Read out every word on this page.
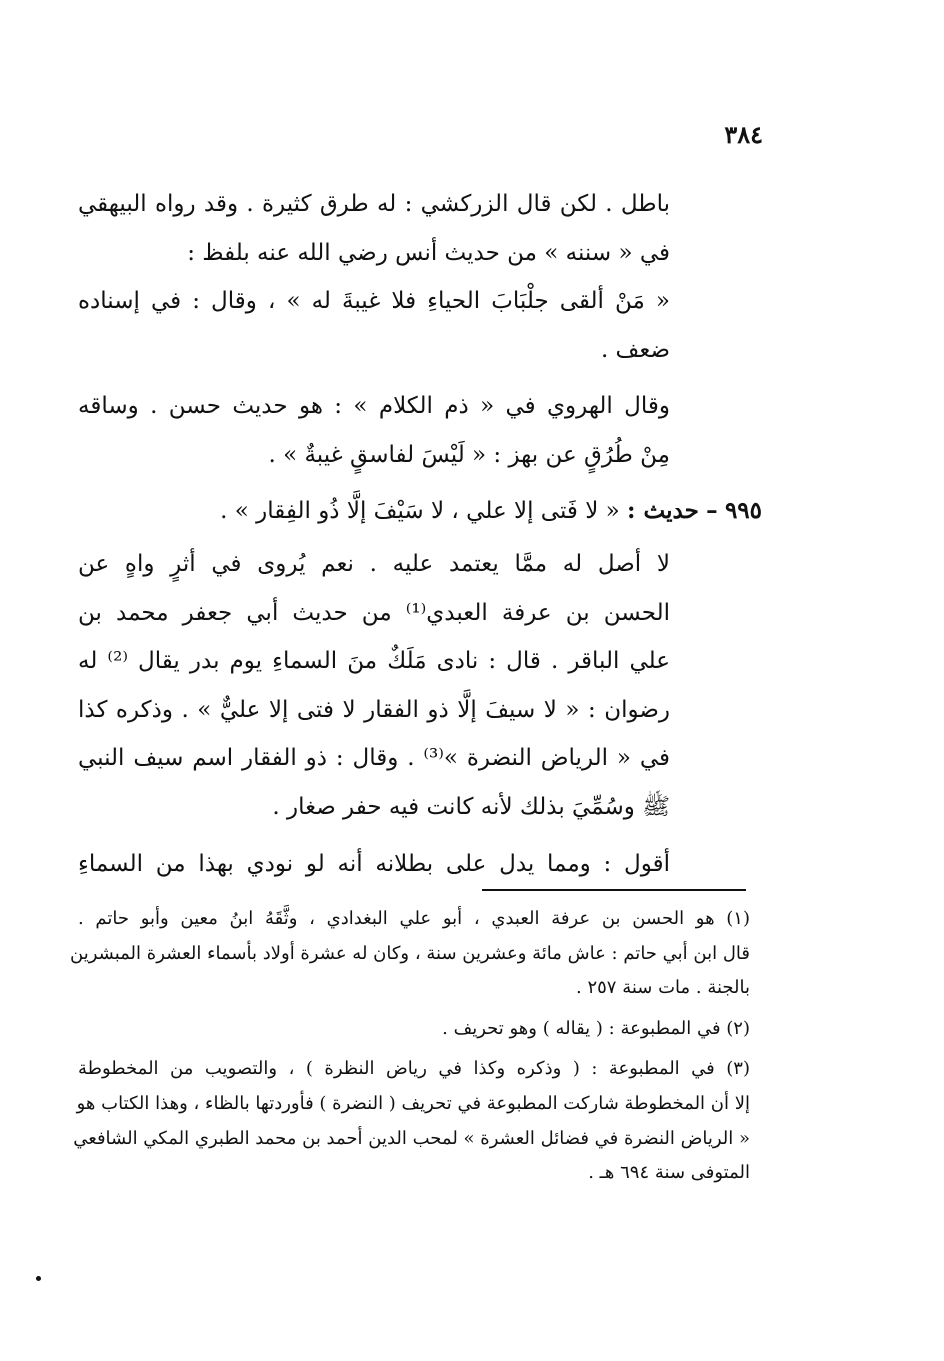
٣٨٤
باطل . لكن قال الزركشي : له طرق كثيرة . وقد رواه البيهقي
في « سننه » من حديث أنس رضي الله عنه بلفظ :
« مَنْ ألقى جلْبَابَ الحياءِ فلا غيبةَ له » ، وقال : في إسناده
ضعف .
وقال الهروي في « ذم الكلام » : هو حديث حسن . وساقه
مِنْ طُرُقٍ عن بهز : « لَيْسَ لفاسقٍ غيبةٌ » .
٩٩٥ – حديث : « لا فَتى إلا علي ، لا سَيْفَ إلَّا ذُو الفِقار » .
لا أصل له ممَّا يعتمد عليه . نعم يُروى في أثرٍ واهٍ عن
الحسن بن عرفة العبدي⁽¹⁾ من حديث أبي جعفر محمد بن
علي الباقر . قال : نادى مَلَكٌ منَ السماءِ يوم بدر يقال ⁽²⁾ له
رضوان : « لا سيفَ إلَّا ذو الفقار لا فتى إلا عليٌّ » . وذكره كذا
في « الرياض النضرة »⁽³⁾ . وقال : ذو الفقار اسم سيف النبي
ﷺ وسُمِّيَ بذلك لأنه كانت فيه حفر صغار .
أقول : ومما يدل على بطلانه أنه لو نودي بهذا من السماءِ
(١) هو الحسن بن عرفة العبدي ، أبو علي البغدادي ، وثَّقَهُ ابنُ معين وأبو حاتم .
قال ابن أبي حاتم : عاش مائة وعشرين سنة ، وكان له عشرة أولاد بأسماء العشرة المبشرين
بالجنة . مات سنة ٢٥٧ .
(٢) في المطبوعة : ( يقاله ) وهو تحريف .
(٣) في المطبوعة : ( وذكره وكذا في رياض النظرة ) ، والتصويب من المخطوطة
إلا أن المخطوطة شاركت المطبوعة في تحريف ( النضرة ) فأوردتها بالظاء ، وهذا الكتاب هو
« الرياض النضرة في فضائل العشرة » لمحب الدين أحمد بن محمد الطبري المكي الشافعي
المتوفى سنة ٦٩٤ هـ .
